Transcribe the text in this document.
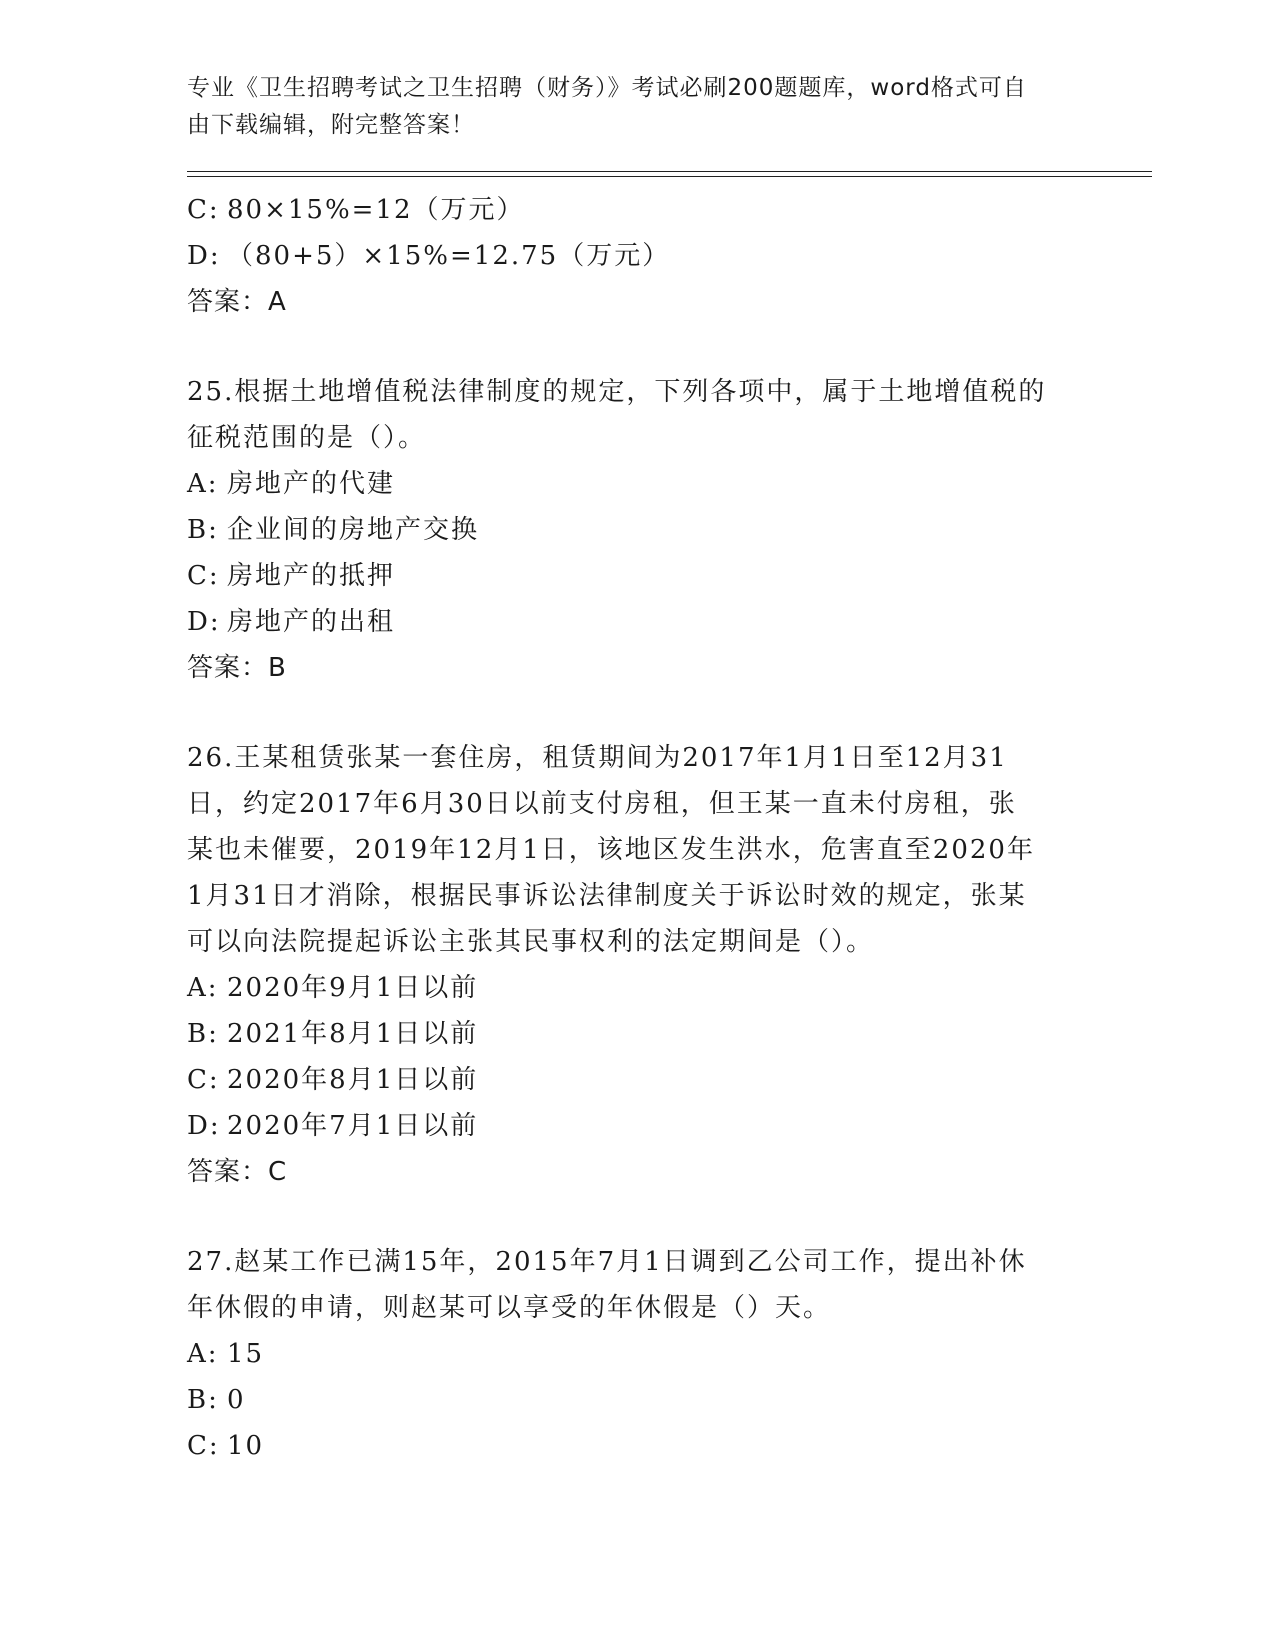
专业《卫生招聘考试之卫生招聘（财务）》考试必刷200题题库，word格式可自
由下载编辑，附完整答案！
C: 80×15%=12（万元）
D: （80+5）×15%=12.75（万元）
答案：A
25.根据土地增值税法律制度的规定，下列各项中，属于土地增值税的
征税范围的是（）。
A: 房地产的代建
B: 企业间的房地产交换
C: 房地产的抵押
D: 房地产的出租
答案：B
26.王某租赁张某一套住房，租赁期间为2017年1月1日至12月31
日，约定2017年6月30日以前支付房租，但王某一直未付房租，张
某也未催要，2019年12月1日，该地区发生洪水，危害直至2020年
1月31日才消除，根据民事诉讼法律制度关于诉讼时效的规定，张某
可以向法院提起诉讼主张其民事权利的法定期间是（）。
A: 2020年9月1日以前
B: 2021年8月1日以前
C: 2020年8月1日以前
D: 2020年7月1日以前
答案：C
27.赵某工作已满15年，2015年7月1日调到乙公司工作，提出补休
年休假的申请，则赵某可以享受的年休假是（）天。
A: 15
B: 0
C: 10
